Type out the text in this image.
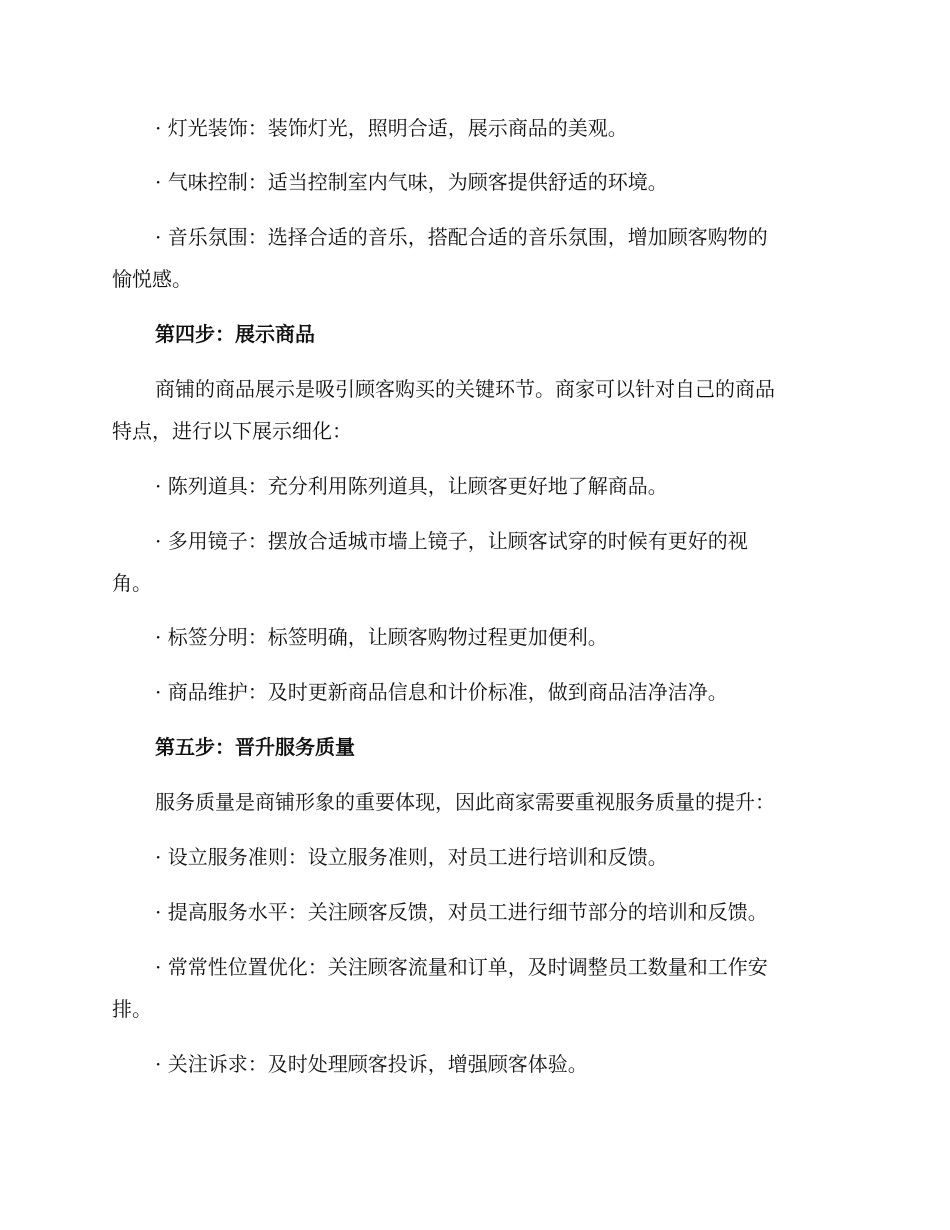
· 灯光装饰：装饰灯光，照明合适，展示商品的美观。
· 气味控制：适当控制室内气味，为顾客提供舒适的环境。
· 音乐氛围：选择合适的音乐，搭配合适的音乐氛围，增加顾客购物的
愉悦感。
第四步：展示商品
商铺的商品展示是吸引顾客购买的关键环节。商家可以针对自己的商品
特点，进行以下展示细化：
· 陈列道具：充分利用陈列道具，让顾客更好地了解商品。
· 多用镜子：摆放合适城市墙上镜子，让顾客试穿的时候有更好的视
角。
· 标签分明：标签明确，让顾客购物过程更加便利。
· 商品维护：及时更新商品信息和计价标准，做到商品洁净洁净。
第五步：晋升服务质量
服务质量是商铺形象的重要体现，因此商家需要重视服务质量的提升：
· 设立服务准则：设立服务准则，对员工进行培训和反馈。
· 提高服务水平：关注顾客反馈，对员工进行细节部分的培训和反馈。
· 常常性位置优化：关注顾客流量和订单，及时调整员工数量和工作安
排。
· 关注诉求：及时处理顾客投诉，增强顾客体验。
